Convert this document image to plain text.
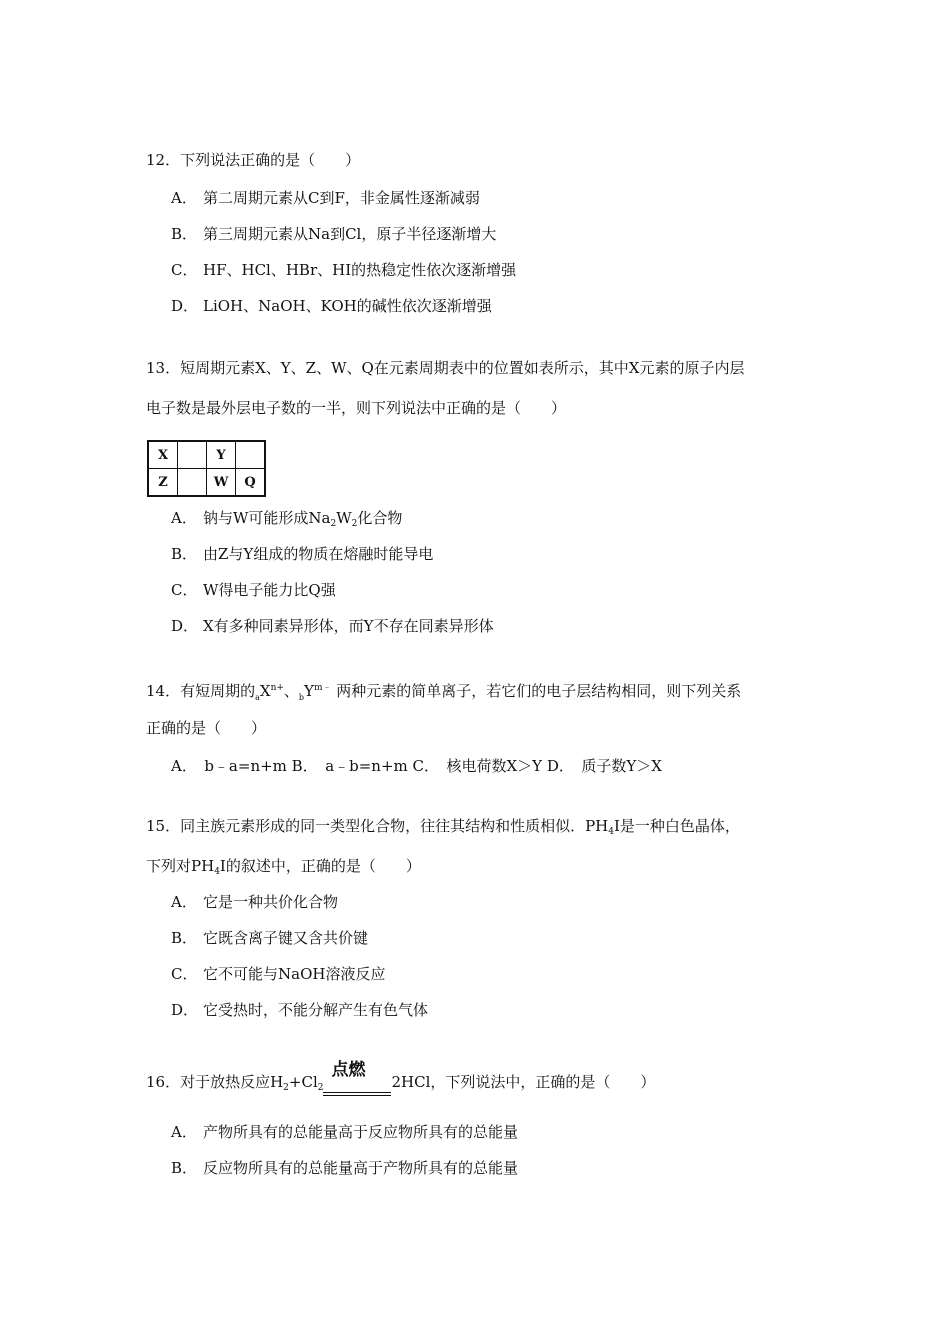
12．下列说法正确的是（　　）
A． 第二周期元素从C到F，非金属性逐渐减弱
B． 第三周期元素从Na到Cl，原子半径逐渐增大
C． HF、HCl、HBr、HI的热稳定性依次逐渐增强
D． LiOH、NaOH、KOH的碱性依次逐渐增强
13．短周期元素X、Y、Z、W、Q在元素周期表中的位置如表所示，其中X元素的原子内层
电子数是最外层电子数的一半，则下列说法中正确的是（　　）
X		Y	
Z		W	Q
A． 钠与W可能形成$Na_2W_2$化合物
B． 由Z与Y组成的物质在熔融时能导电
C． W得电子能力比Q强
D． X有多种同素异形体，而Y不存在同素异形体
14．有短周期的$_aX^{n+}$、$_bY^{m﹣}$ 两种元素的简单离子，若它们的电子层结构相同，则下列关系
正确的是（　　）
A．　b﹣a=n+m B．　a﹣b=n+m C．　核电荷数X＞Y D．　质子数Y＞X
15．同主族元素形成的同一类型化合物，往往其结构和性质相似．$PH_4I$是一种白色晶体，
下列对$PH_4I$的叙述中，正确的是（　　）
A． 它是一种共价化合物
B． 它既含离子键又含共价键
C． 它不可能与NaOH溶液反应
D． 它受热时，不能分解产生有色气体
16．对于放热反应$H_2+Cl_2$
点燃
2HCl，下列说法中，正确的是（　　）
A． 产物所具有的总能量高于反应物所具有的总能量
B． 反应物所具有的总能量高于产物所具有的总能量
